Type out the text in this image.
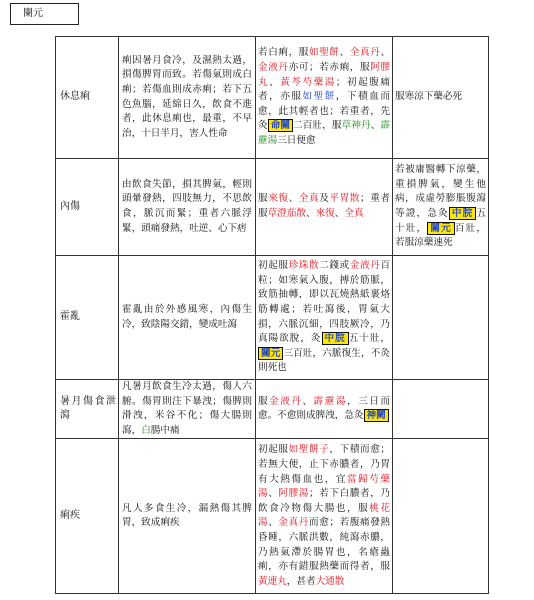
闌元
休息痢	痢因暑月食冷，及濕熱太過，損傷脾胃而致。若傷氣則成白痢；若傷血則成赤痢；若下五色魚腦，延綿日久，飲食不進者，此休息痢也，最重，不早治，十日半月，害人性命	若白痢，服如聖餅、全真丹、金液丹亦可；若赤痢，服阿膠丸、黃芩芍藥湯；初起腹痛者，亦服如聖餅，下積血而愈，此其輕者也；若重者，先灸 命關 二百壯，服草神丹、霹靂湯三日便愈	服寒涼下藥必死
內傷	由飲食失節，損其脾氣，輕則頭暈發熱，四肢無力，不思飲食，脈沉而緊；重者六脈浮緊，頭痛發熱，吐逆、心下痞	服來復、全真及平胃散；重者服草澄茄散、來復、全真	若被庸醫轉下涼藥，重損脾氣，變生他病，成虛勞膨脹腹瀉等證，急灸 中脘 五十壯， 關元 百壯，若服涼藥速死
霍亂	霍亂由於外感風寒，內傷生冷，致陰陽交錯，變成吐瀉	初起服珍珠散二錢或金液丹百粒；如寒氣入腹，搏於筋脈，致筋抽轉，即以瓦燒熱紙裹烙筋轉處；若吐瀉後，胃氣大損，六脈沉細，四肢厥冷，乃真陽欲脫，灸 中脘 五十壯，關元 三百壯，六脈復生，不灸則死也	
暑月傷食泄瀉	凡暑月飲食生冷太過，傷人六腑。傷胃則注下暴洩；傷脾則滑洩，米谷不化；傷大腸則瀉，白腸中痛	服金液丹、霹靂湯，三日而愈。不愈則成脾洩，急灸 神闕	
痢疾	凡人多食生冷，漏熱傷其脾胃，致成痢疾	初起服如聖餅子，下積而愈；若無大便，止下赤膿者，乃胃有大熱傷血也，宜當歸芍藥湯、阿膠湯；若下白膿者，乃飲食冷物傷大腸也，服桃花湯、金真丹而愈；若腹痛發熱昏睡，六脈洪數，純瀉赤膿，乃熱氣滯於腸胃也，名瘡蟲痢，亦有錯服熱藥而得者，服黃連丸，甚者大通散	
